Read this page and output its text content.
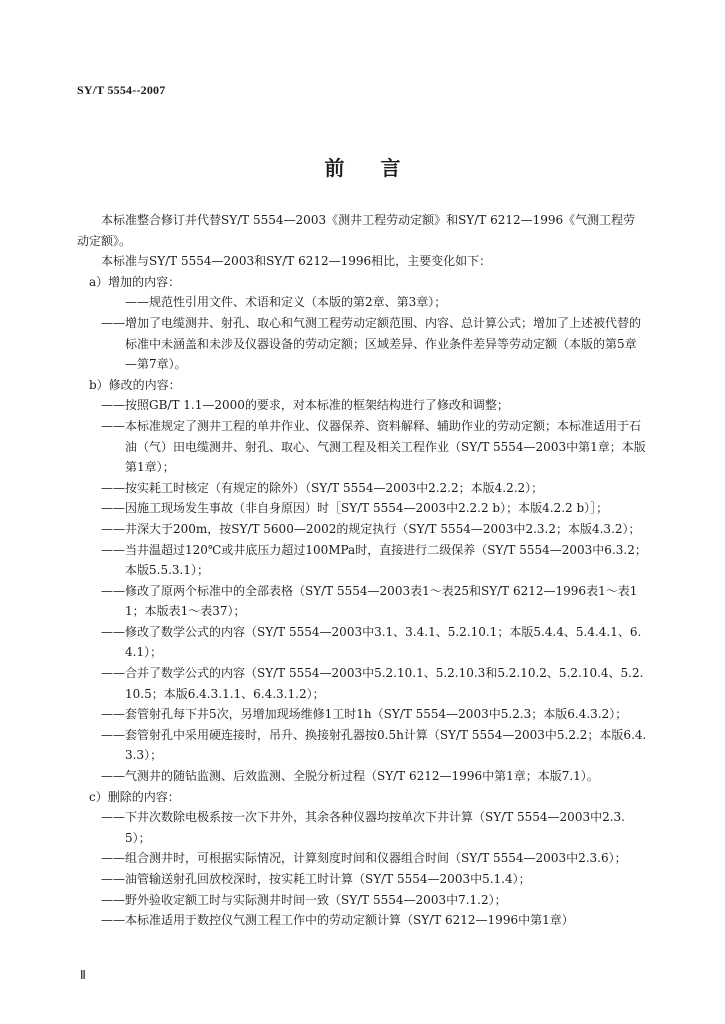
SY/T 5554--2007
前言

本标准整合修订并代替SY/T 5554—2003《测井工程劳动定额》和SY/T 6212—1996《气测工程劳动定额》。

本标准与SY/T 5554—2003和SY/T 6212—1996相比，主要变化如下：

a）增加的内容：

——规范性引用文件、术语和定义（本版的第2章、第3章）；

——增加了电缆测井、射孔、取心和气测工程劳动定额范围、内容、总计算公式；增加了上述被代替的标准中未涵盖和未涉及仪器设备的劳动定额；区域差异、作业条件差异等劳动定额（本版的第5章—第7章）。

b）修改的内容：

——按照GB/T 1.1—2000的要求，对本标准的框架结构进行了修改和调整；

——本标准规定了测井工程的单井作业、仪器保养、资料解释、辅助作业的劳动定额；本标准适用于石油（气）田电缆测井、射孔、取心、气测工程及相关工程作业（SY/T 5554—2003中第1章；本版第1章）；

——按实耗工时核定（有规定的除外）（SY/T 5554—2003中2.2.2；本版4.2.2）；

——因施工现场发生事故（非自身原因）时［SY/T 5554—2003中2.2.2 b）；本版4.2.2 b）］；

——井深大于200m，按SY/T 5600—2002的规定执行（SY/T 5554—2003中2.3.2；本版4.3.2）；

——当井温超过120℃或井底压力超过100MPa时，直接进行二级保养（SY/T 5554—2003中6.3.2；本版5.5.3.1）；

——修改了原两个标准中的全部表格（SY/T 5554—2003表1～表25和SY/T 6212—1996表1～表11；本版表1～表37）；

——修改了数学公式的内容（SY/T 5554—2003中3.1、3.4.1、5.2.10.1；本版5.4.4、5.4.4.1、6.4.1）；

——合并了数学公式的内容（SY/T 5554—2003中5.2.10.1、5.2.10.3和5.2.10.2、5.2.10.4、5.2.10.5；本版6.4.3.1.1、6.4.3.1.2）；

——套管射孔每下井5次，另增加现场维修1工时1h（SY/T 5554—2003中5.2.3；本版6.4.3.2）；

——套管射孔中采用硬连接时，吊升、换接射孔器按0.5h计算（SY/T 5554—2003中5.2.2；本版6.4.3.3）；

——气测井的随钻监测、后效监测、全脱分析过程（SY/T 6212—1996中第1章；本版7.1）。

c）删除的内容：

——下井次数除电极系按一次下井外，其余各种仪器均按单次下井计算（SY/T 5554—2003中2.3.5）；

——组合测井时，可根据实际情况，计算刻度时间和仪器组合时间（SY/T 5554—2003中2.3.6）；

——油管输送射孔回放校深时，按实耗工时计算（SY/T 5554—2003中5.1.4）；

——野外验收定额工时与实际测井时间一致（SY/T 5554—2003中7.1.2）；

——本标准适用于数控仪气测工程工作中的劳动定额计算（SY/T 6212—1996中第1章）

Ⅱ
